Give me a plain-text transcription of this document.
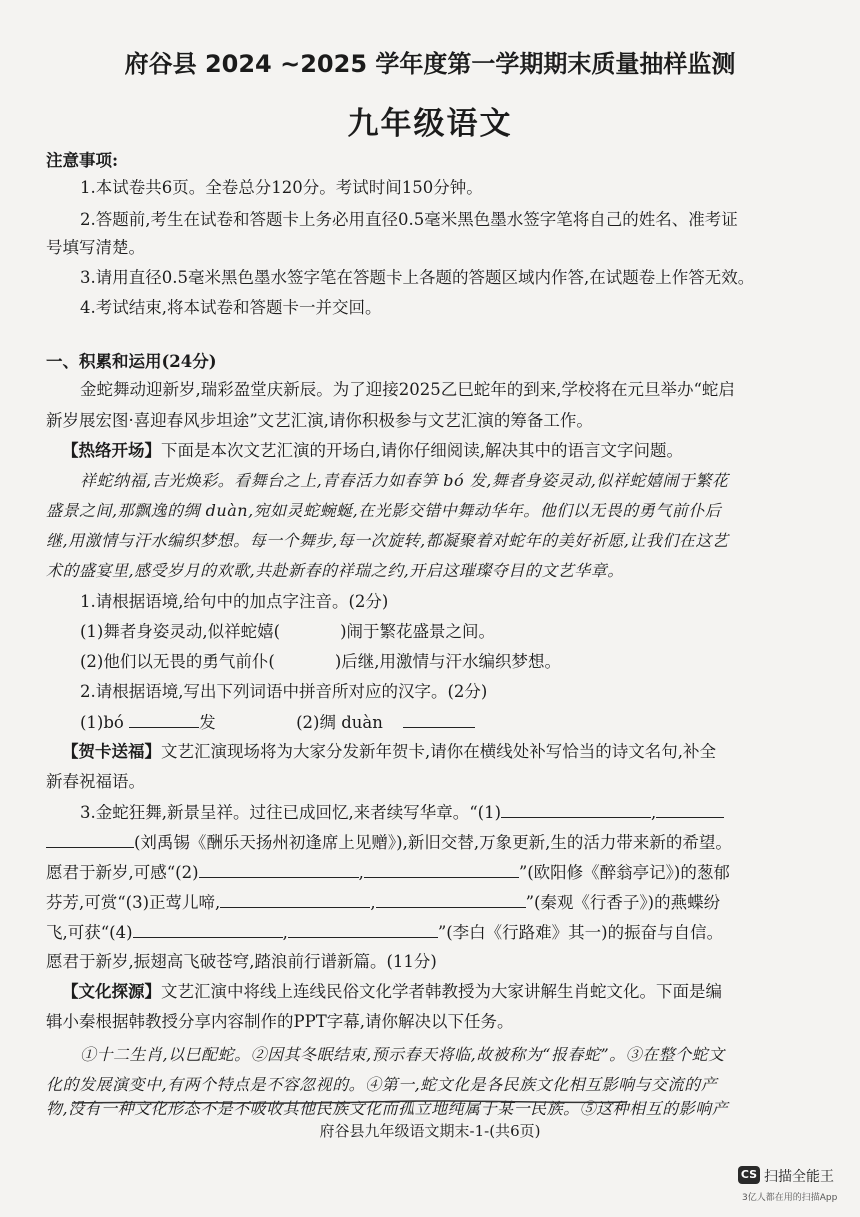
府谷县 2024 ~2025 学年度第一学期期末质量抽样监测
九年级语文
注意事项:
1.本试卷共6页。全卷总分120分。考试时间150分钟。
2.答题前,考生在试卷和答题卡上务必用直径0.5毫米黑色墨水签字笔将自己的姓名、准考证
号填写清楚。
3.请用直径0.5毫米黑色墨水签字笔在答题卡上各题的答题区域内作答,在试题卷上作答无效。
4.考试结束,将本试卷和答题卡一并交回。
一、积累和运用(24分)
金蛇舞动迎新岁,瑞彩盈堂庆新辰。为了迎接2025乙巳蛇年的到来,学校将在元旦举办“蛇启
新岁展宏图·喜迎春风步坦途”文艺汇演,请你积极参与文艺汇演的筹备工作。
【热络开场】下面是本次文艺汇演的开场白,请你仔细阅读,解决其中的语言文字问题。
祥蛇纳福,吉光焕彩。看舞台之上,青春活力如春笋 bó 发,舞者身姿灵动,似祥蛇嬉闹于繁花
盛景之间,那飘逸的绸 duàn,宛如灵蛇蜿蜒,在光影交错中舞动华年。他们以无畏的勇气前仆后
继,用激情与汗水编织梦想。每一个舞步,每一次旋转,都凝聚着对蛇年的美好祈愿,让我们在这艺
术的盛宴里,感受岁月的欢歌,共赴新春的祥瑞之约,开启这璀璨夺目的文艺华章。
1.请根据语境,给句中的加点字注音。(2分)
(1)舞者身姿灵动,似祥蛇嬉(	)闹于繁花盛景之间。
(2)他们以无畏的勇气前仆(	)后继,用激情与汗水编织梦想。
2.请根据语境,写出下列词语中拼音所对应的汉字。(2分)
(1)bó	发	(2)绸 duàn
【贺卡送福】文艺汇演现场将为大家分发新年贺卡,请你在横线处补写恰当的诗文名句,补全
新春祝福语。
3.金蛇狂舞,新景呈祥。过往已成回忆,来者续写华章。“(1)	,
(刘禹锡《酬乐天扬州初逢席上见赠》),新旧交替,万象更新,生的活力带来新的希望。
愿君于新岁,可感“(2)	,	”(欧阳修《醉翁亭记》)的葱郁
芬芳,可赏“(3)正莺儿啼,	,	”(秦观《行香子》)的燕蝶纷
飞,可获“(4)	,	”(李白《行路难》其一)的振奋与自信。
愿君于新岁,振翅高飞破苍穹,踏浪前行谱新篇。(11分)
【文化探源】文艺汇演中将线上连线民俗文化学者韩教授为大家讲解生肖蛇文化。下面是编
辑小秦根据韩教授分享内容制作的PPT字幕,请你解决以下任务。
①十二生肖,以巳配蛇。②因其冬眠结束,预示春天将临,故被称为“报春蛇”。③在整个蛇文
化的发展演变中,有两个特点是不容忽视的。④第一,蛇文化是各民族文化相互影响与交流的产
物,没有一种文化形态不是不吸收其他民族文化而孤立地纯属于某一民族。⑤这种相互的影响产
府谷县九年级语文期末-1-(共6页)
CS 扫描全能王
3亿人都在用的扫描App
